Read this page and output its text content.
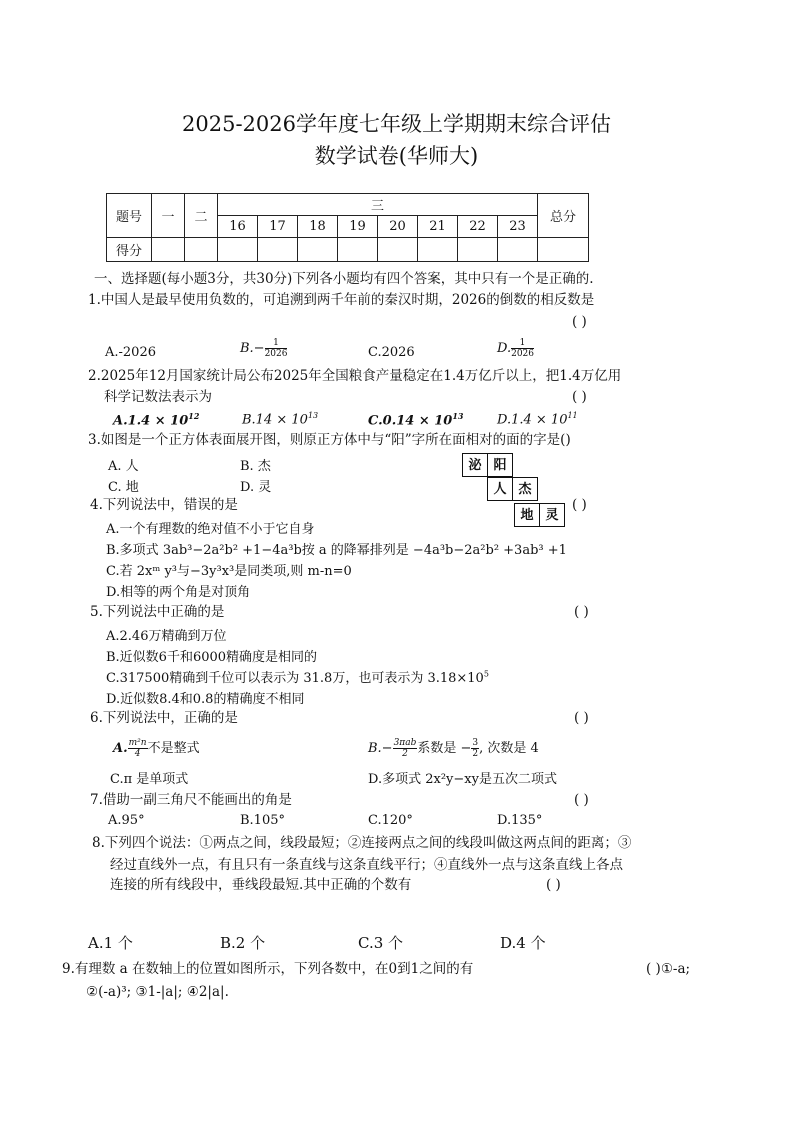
2025-2026学年度七年级上学期期末综合评估
数学试卷(华师大)
题号	一	二	三								总分
			16	17	18	19	20	21	22	23	
得分											
一、选择题(每小题3分，共30分)下列各小题均有四个答案，其中只有一个是正确的.
1.中国人是最早使用负数的，可追溯到两千年前的秦汉时期，2026的倒数的相反数是
( )
A.-2026	$B.- \frac{1}{2026}$	C.2026	D. $\frac{1}{2026}$
2.2025年12月国家统计局公布2025年全国粮食产量稳定在1.4万亿斤以上，把1.4万亿用
科学记数法表示为	( )
$A.1.4 \times 10^{12}$	$B.14 \times 10^{13}$	$C.0.14 \times 10^{13}$	$D.1.4 \times 10^{11}$
3.如图是一个正方体表面展开图，则原正方体中与“阳”字所在面相对的面的字是()
A. 人	B. 杰
C. 地	D. 灵
泌 阳
人 杰
地 灵
4.下列说法中，错误的是	( )
A.一个有理数的绝对值不小于它自身
B.多项式 3ab³−2a²b² +1−4a³b按 a 的降幂排列是 −4a³b−2a²b² +3ab³ +1
C.若 2xᵐ y³与−3y³x³是同类项,则 m-n=0
D.相等的两个角是对顶角
5.下列说法中正确的是	( )
A.2.46万精确到万位
B.近似数6千和6000精确度是相同的
C.317500精确到千位可以表示为 31.8万，也可表示为 $3.18\times 10^5$
D.近似数8.4和0.8的精确度不相同
6.下列说法中，正确的是	( )
A. $\frac{\text{m²n}}{4}$ 不是整式	$B.- \frac{\text{3πab}}{2}$ 系数是 − $\frac{3}{2}$ , 次数是 4
C.π 是单项式	D.多项式 2x²y−xy是五次二项式
7.借助一副三角尺不能画出的角是	( )
A.95°	B.105°	C.120°	D.135°
8.下列四个说法：①两点之间，线段最短；②连接两点之间的线段叫做这两点间的距离；③
经过直线外一点，有且只有一条直线与这条直线平行；④直线外一点与这条直线上各点
连接的所有线段中，垂线段最短.其中正确的个数有	( )
A.1 个	B.2 个	C.3 个	D.4 个
9.有理数 a 在数轴上的位置如图所示，下列各数中，在0到1之间的有	( )①-a;
②(-a)³; ③1-|a|; ④2|a|.
